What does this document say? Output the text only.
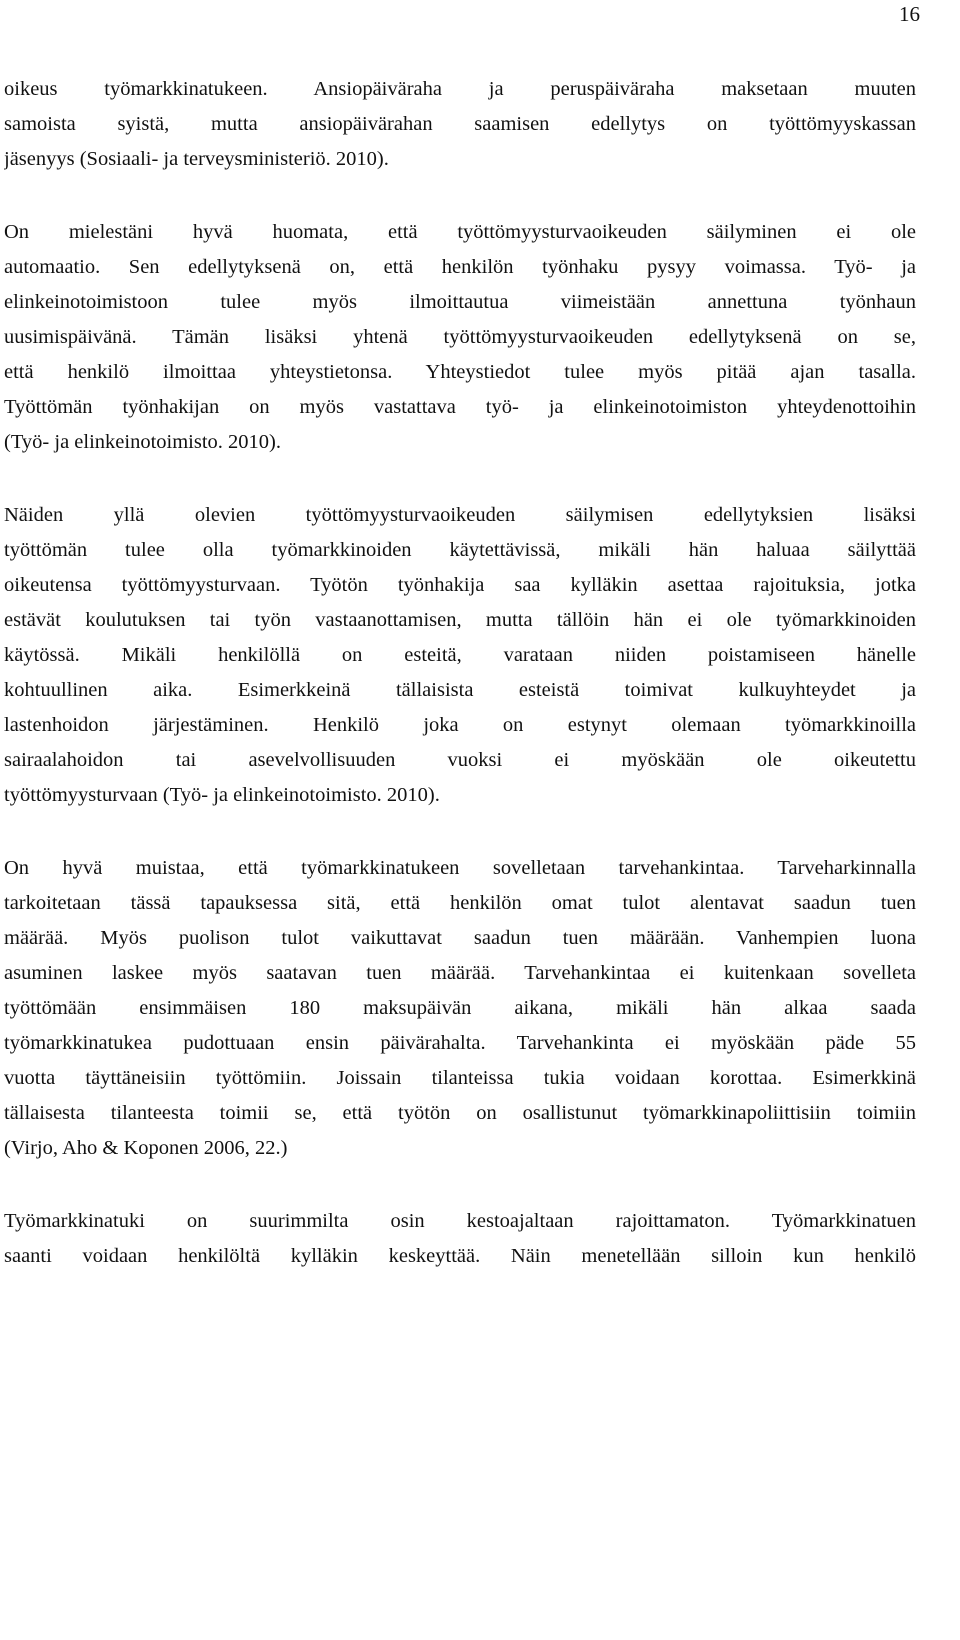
16

oikeus työmarkkinatukeen. Ansiopäiväraha ja peruspäiväraha maksetaan muuten
samoista syistä, mutta ansiopäivärahan saamisen edellytys on työttömyyskassan
jäsenyys (Sosiaali- ja terveysministeriö. 2010).

On mielestäni hyvä huomata, että työttömyysturvaoikeuden säilyminen ei ole
automaatio. Sen edellytyksenä on, että henkilön työnhaku pysyy voimassa. Työ- ja
elinkeinotoimistoon tulee myös ilmoittautua viimeistään annettuna työnhaun
uusimispäivänä. Tämän lisäksi yhtenä työttömyysturvaoikeuden edellytyksenä on se,
että henkilö ilmoittaa yhteystietonsa. Yhteystiedot tulee myös pitää ajan tasalla.
Työttömän työnhakijan on myös vastattava työ- ja elinkeinotoimiston yhteydenottoihin
(Työ- ja elinkeinotoimisto. 2010).

Näiden yllä olevien työttömyysturvaoikeuden säilymisen edellytyksien lisäksi
työttömän tulee olla työmarkkinoiden käytettävissä, mikäli hän haluaa säilyttää
oikeutensa työttömyysturvaan. Työtön työnhakija saa kylläkin asettaa rajoituksia, jotka
estävät koulutuksen tai työn vastaanottamisen, mutta tällöin hän ei ole työmarkkinoiden
käytössä. Mikäli henkilöllä on esteitä, varataan niiden poistamiseen hänelle
kohtuullinen aika. Esimerkkeinä tällaisista esteistä toimivat kulkuyhteydet ja
lastenhoidon järjestäminen. Henkilö joka on estynyt olemaan työmarkkinoilla
sairaalahoidon tai asevelvollisuuden vuoksi ei myöskään ole oikeutettu
työttömyysturvaan (Työ- ja elinkeinotoimisto. 2010).

On hyvä muistaa, että työmarkkinatukeen sovelletaan tarvehankintaa. Tarveharkinnalla
tarkoitetaan tässä tapauksessa sitä, että henkilön omat tulot alentavat saadun tuen
määrää. Myös puolison tulot vaikuttavat saadun tuen määrään. Vanhempien luona
asuminen laskee myös saatavan tuen määrää. Tarvehankintaa ei kuitenkaan sovelleta
työttömään ensimmäisen 180 maksupäivän aikana, mikäli hän alkaa saada
työmarkkinatukea pudottuaan ensin päivärahalta. Tarvehankinta ei myöskään päde 55
vuotta täyttäneisiin työttömiin. Joissain tilanteissa tukia voidaan korottaa. Esimerkkinä
tällaisesta tilanteesta toimii se, että työtön on osallistunut työmarkkinapoliittisiin toimiin
(Virjo, Aho & Koponen 2006, 22.)

Työmarkkinatuki on suurimmilta osin kestoajaltaan rajoittamaton. Työmarkkinatuen
saanti voidaan henkilöltä kylläkin keskeyttää. Näin menetellään silloin kun henkilö
